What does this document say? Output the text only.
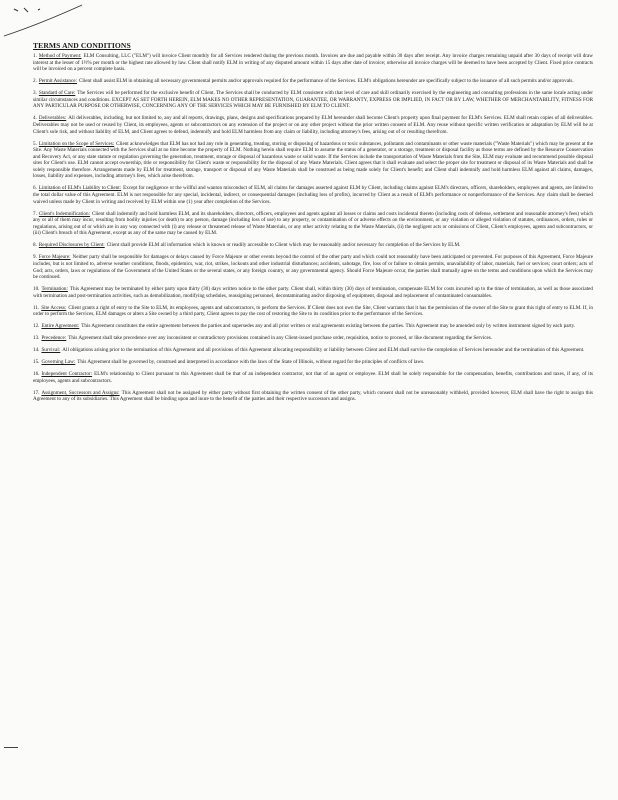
TERMS AND CONDITIONS

1. Method of Payment: ELM Consulting, LLC ("ELM") will invoice Client monthly for all Services rendered during the previous month. Invoices are due and payable within 30 days after receipt. Any invoice charges remaining unpaid after 30 days of receipt will draw interest at the lesser of 1½% per month or the highest rate allowed by law. Client shall notify ELM in writing of any disputed amount within 15 days after date of invoice; otherwise all invoice charges will be deemed to have been accepted by Client. Fixed price contracts will be invoiced on a percent complete basis.

2. Permit Assistance: Client shall assist ELM in obtaining all necessary governmental permits and/or approvals required for the performance of the Services. ELM's obligations hereunder are specifically subject to the issuance of all such permits and/or approvals.

3. Standard of Care: The Services will be performed for the exclusive benefit of Client. The Services shall be conducted by ELM consistent with that level of care and skill ordinarily exercised by the engineering and consulting professions in the same locale acting under similar circumstances and conditions. EXCEPT AS SET FORTH HEREIN, ELM MAKES NO OTHER REPRESENTATION, GUARANTEE, OR WARRANTY, EXPRESS OR IMPLIED, IN FACT OR BY LAW, WHETHER OF MERCHANTABILITY, FITNESS FOR ANY PARTICULAR PURPOSE OR OTHERWISE, CONCERNING ANY OF THE SERVICES WHICH MAY BE FURNISHED BY ELM TO CLIENT.

4. Deliverables: All deliverables, including, but not limited to, any and all reports, drawings, plans, designs and specifications prepared by ELM hereunder shall become Client's property upon final payment for ELM's Services. ELM shall retain copies of all deliverables. Deliverables may not be used or reused by Client, its employees, agents or subcontractors on any extension of the project or on any other project without the prior written consent of ELM. Any reuse without specific written verification or adaptation by ELM will be at Client's sole risk, and without liability of ELM, and Client agrees to defend, indemnify and hold ELM harmless from any claim or liability, including attorney's fees, arising out of or resulting therefrom.

5. Limitation on the Scope of Services: Client acknowledges that ELM has not had any role in generating, treating, storing or disposing of hazardous or toxic substances, pollutants and contaminants or other waste materials ("Waste Materials") which may be present at the Site. Any Waste Materials connected with the Services shall at no time become the property of ELM. Nothing herein shall require ELM to assume the status of a generator, or a storage, treatment or disposal facility as those terms are defined by the Resource Conservation and Recovery Act, or any state statute or regulation governing the generation, treatment, storage or disposal of hazardous waste or solid waste. If the Services include the transportation of Waste Materials from the Site, ELM may evaluate and recommend possible disposal sites for Client's use. ELM cannot accept ownership, title or responsibility for Client's waste or responsibility for the disposal of any Waste Materials. Client agrees that it shall evaluate and select the proper site for treatment or disposal of its Waste Materials and shall be solely responsible therefore. Arrangements made by ELM for treatment, storage, transport or disposal of any Waste Materials shall be construed as being made solely for Client's benefit; and Client shall indemnify and hold harmless ELM against all claims, damages, losses, liability and expenses, including attorney's fees, which arise therefrom.

6. Limitation of ELM's Liability to Client: Except for negligence or the willful and wanton misconduct of ELM, all claims for damages asserted against ELM by Client, including claims against ELM's directors, officers, shareholders, employees and agents, are limited to the total dollar value of this Agreement. ELM is not responsible for any special, incidental, indirect, or consequential damages (including loss of profits), incurred by Client as a result of ELM's performance or nonperformance of the Services. Any claim shall be deemed waived unless made by Client in writing and received by ELM within one (1) year after completion of the Services.

7. Client's Indemnification: Client shall indemnify and hold harmless ELM, and its shareholders, directors, officers, employees and agents against all losses or claims and costs incidental thereto (including costs of defense, settlement and reasonable attorney's fees) which any or all of them may incur, resulting from bodily injuries (or death) to any person, damage (including loss of use) to any property, or contamination of or adverse effects on the environment, or any violation or alleged violation of statutes, ordinances, orders, rules or regulations, arising out of or which are in any way connected with (i) any release or threatened release of Waste Materials, or any other activity relating to the Waste Materials, (ii) the negligent acts or omissions of Client, Client's employees, agents and subcontractors, or (iii) Client's breach of this Agreement, except as any of the same may be caused by ELM.

8. Required Disclosures by Client: Client shall provide ELM all information which is known or readily accessible to Client which may be reasonably and/or necessary for completion of the Services by ELM.

9. Force Majeure: Neither party shall be responsible for damages or delays caused by Force Majeure or other events beyond the control of the other party and which could not reasonably have been anticipated or prevented. For purposes of this Agreement, Force Majeure includes, but is not limited to, adverse weather conditions, floods, epidemics, war, riot, strikes, lockouts and other industrial disturbances; accidents, sabotage, fire, loss of or failure to obtain permits, unavailability of labor, materials, fuel or services; court orders; acts of God; acts, orders, laws or regulations of the Government of the United States or the several states, or any foreign country, or any governmental agency. Should Force Majeure occur, the parties shall mutually agree on the terms and conditions upon which the Services may be continued.

10. Termination: This Agreement may be terminated by either party upon thirty (30) days written notice to the other party. Client shall, within thirty (30) days of termination, compensate ELM for costs incurred up to the time of termination, as well as those associated with termination and post-termination activities, such as demobilization, modifying schedules, reassigning personnel, decontaminating and/or disposing of equipment, disposal and replacement of contaminated consumables.

11. Site Access: Client grants a right of entry to the Site to ELM, its employees, agents and subcontractors, to perform the Services. If Client does not own the Site, Client warrants that it has the permission of the owner of the Site to grant this right of entry to ELM. If, in order to perform the Services, ELM damages or alters a Site owned by a third party, Client agrees to pay the cost of restoring the Site to its condition prior to the performance of the Services.

12. Entire Agreement: This Agreement constitutes the entire agreement between the parties and supersedes any and all prior written or oral agreements existing between the parties. This Agreement may be amended only by written instrument signed by each party.

13. Precedence: This Agreement shall take precedence over any inconsistent or contradictory provisions contained in any Client-issued purchase order, requisition, notice to proceed, or like document regarding the Services.

14. Survival: All obligations arising prior to the termination of this Agreement and all provisions of this Agreement allocating responsibility or liability between Client and ELM shall survive the completion of Services hereunder and the termination of this Agreement.

15. Governing Law: This Agreement shall be governed by, construed and interpreted in accordance with the laws of the State of Illinois, without regard for the principles of conflicts of laws.

16. Independent Contractor: ELM's relationship to Client pursuant to this Agreement shall be that of an independent contractor, not that of an agent or employee. ELM shall be solely responsible for the compensation, benefits, contributions and taxes, if any, of its employees, agents and subcontractors.

17. Assignment, Successors and Assigns: This Agreement shall not be assigned by either party without first obtaining the written consent of the other party, which consent shall not be unreasonably withheld, provided however, ELM shall have the right to assign this Agreement to any of its subsidiaries. This Agreement shall be binding upon and inure to the benefit of the parties and their respective successors and assigns.
